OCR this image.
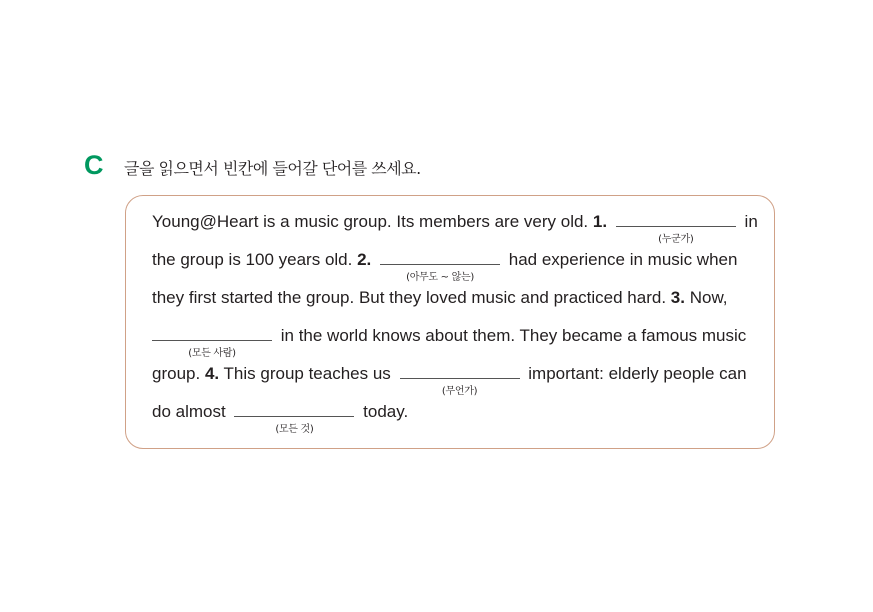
C 글을 읽으면서 빈칸에 들어갈 단어를 쓰세요.
Young@Heart is a music group. Its members are very old. 1.
(누군가)
in
the group is 100 years old. 2.
(아무도 ~ 않는)
had experience in music when
they first started the group. But they loved music and practiced hard. 3. Now,
(모든 사람)
in the world knows about them. They became a famous music
group. 4. This group teaches us
(무언가)
important: elderly people can
do almost
(모든 것)
today.
